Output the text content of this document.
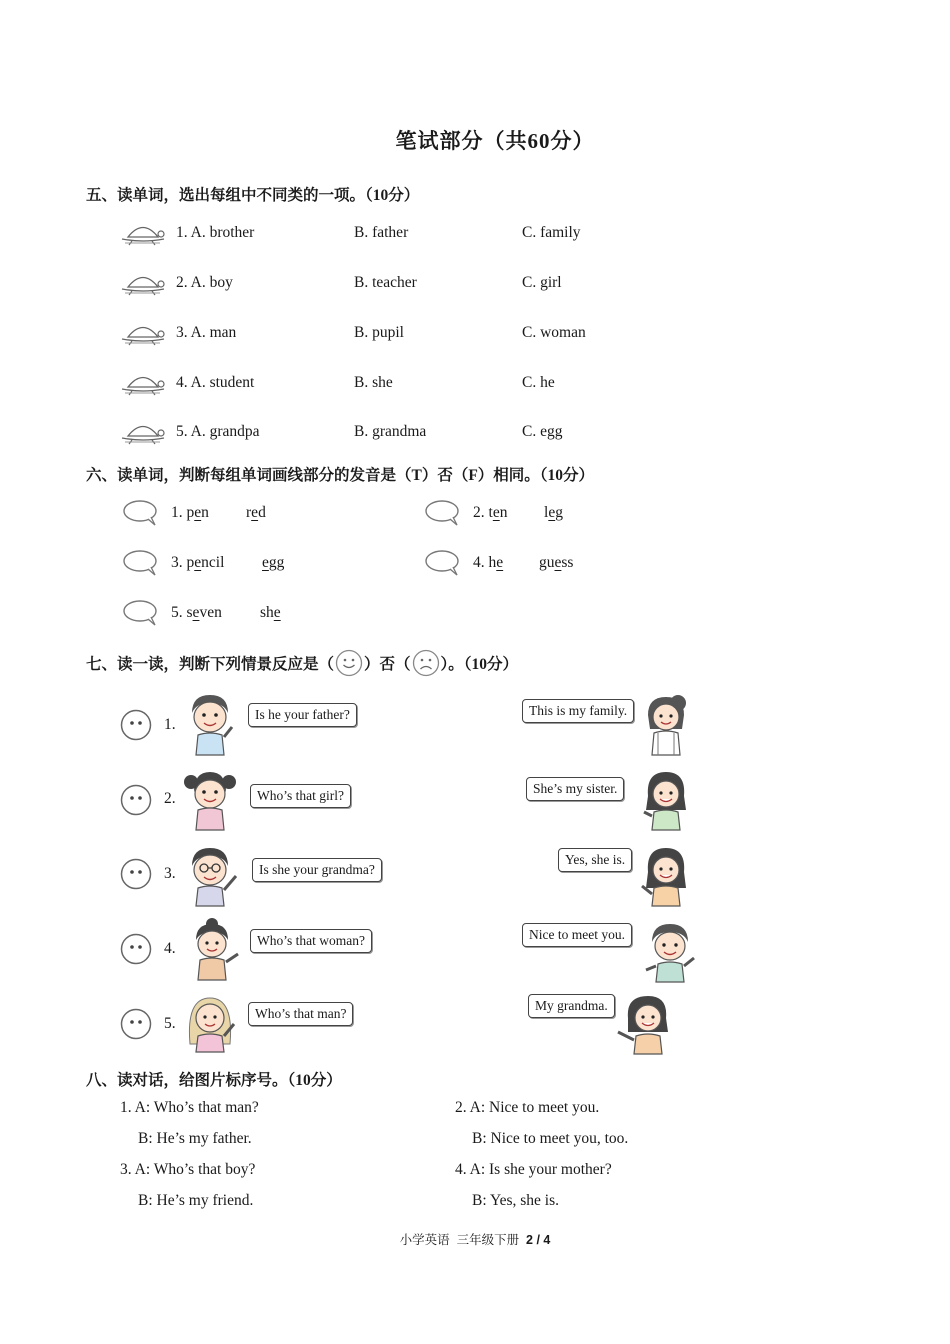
笔试部分（共60分）
五、读单词，选出每组中不同类的一项。（10分）
1. A. brother	B. father	C. family
2. A. boy	B. teacher	C. girl
3. A. man	B. pupil	C. woman
4. A. student	B. she	C. he
5. A. grandpa	B. grandma	C. egg
六、读单词，判断每组单词画线部分的发音是（T）否（F）相同。（10分）
1. pen red	2. ten leg
3. pencil egg	4. he guess
5. seven she
七、读一读，判断下列情景反应是（ ）否（ ）。（10分）
1.
Is he your father?	This is my family.
2.	Who’s that girl?	She’s my sister.
3.	Is she your grandma?
Yes, she is.
4.	Who’s that woman?	Nice to meet you.
5.
Who’s that man?
My grandma.
八、读对话，给图片标序号。（10分）
1. A: Who’s that man?
B: He’s my father.
2. A: Nice to meet you.
B: Nice to meet you, too.
3. A: Who’s that boy?
B: He’s my friend.
4. A: Is she your mother?
B: Yes, she is.
小学英语  三年级下册  2 / 4
